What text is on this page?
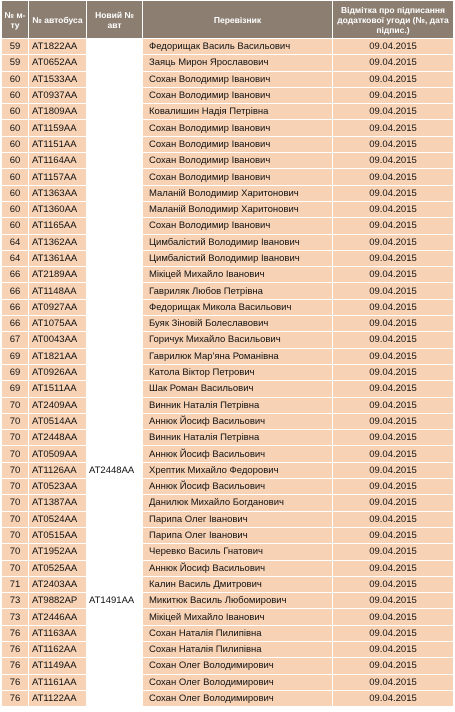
№ м-ту	№ автобуса	Новий № авт	Перевізник	Відмітка про підписання додаткової угоди (№, дата підпис.)
59	AT1822AA		Федорищак Василь Васильович	09.04.2015
59	AT0652AA		Заяць Мирон Ярославович	09.04.2015
60	AT1533AA		Сохан Володимир Іванович	09.04.2015
60	AT0937AA		Сохан Володимир Іванович	09.04.2015
60	AT1809AA		Ковалишин Надія Петрівна	09.04.2015
60	AT1159AA		Сохан Володимир Іванович	09.04.2015
60	AT1151AA		Сохан Володимир Іванович	09.04.2015
60	AT1164AA		Сохан Володимир Іванович	09.04.2015
60	AT1157AA		Сохан Володимир Іванович	09.04.2015
60	AT1363AA		Маланій Володимир Харитонович	09.04.2015
60	AT1360AA		Маланій Володимир Харитонович	09.04.2015
60	AT1165AA		Сохан Володимир Іванович	09.04.2015
64	AT1362AA		Цимбалістий Володимир Іванович	09.04.2015
64	AT1361AA		Цимбалістий Володимир Іванович	09.04.2015
66	AT2189AA		Мікіцей Михайло Іванович	09.04.2015
66	AT1148AA		Гавриляк Любов Петрівна	09.04.2015
66	AT0927AA		Федорищак Микола Васильович	09.04.2015
66	AT1075AA		Буяк Зіновій Болеславович	09.04.2015
67	AT0043AA		Горичук Михайло Васильович	09.04.2015
69	AT1821AA		Гаврилюк Мар'яна Романівна	09.04.2015
69	AT0926AA		Катола Віктор Петрович	09.04.2015
69	AT1511AA		Шак Роман Васильович	09.04.2015
70	AT2409AA		Винник Наталія Петрівна	09.04.2015
70	AT0514AA		Аннюк Йосиф Васильович	09.04.2015
70	AT2448AA		Винник Наталія Петрівна	09.04.2015
70	AT0509AA		Аннюк Йосиф Васильович	09.04.2015
70	AT1126AA	AT2448AA	Хрептик Михайло Федорович	09.04.2015
70	AT0523AA		Аннюк Йосиф Васильович	09.04.2015
70	AT1387AA		Данилюк Михайло Богданович	09.04.2015
70	AT0524AA		Парипа Олег Іванович	09.04.2015
70	AT0515AA		Парипа Олег Іванович	09.04.2015
70	AT1952AA		Черевко Василь Гнатович	09.04.2015
70	AT0525AA		Аннюк Йосиф Васильович	09.04.2015
71	AT2403AA		Калин Василь Дмитрович	09.04.2015
73	AT9882AP	AT1491AA	Микитюк Василь Любомирович	09.04.2015
73	AT2446AA		Мікіцей Михайло Іванович	09.04.2015
76	AT1163AA		Сохан Наталія Пилипівна	09.04.2015
76	AT1162AA		Сохан Наталія Пилипівна	09.04.2015
76	AT1149AA		Сохан Олег Володимирович	09.04.2015
76	AT1161AA		Сохан Олег Володимирович	09.04.2015
76	AT1122AA		Сохан Олег Володимирович	09.04.2015
